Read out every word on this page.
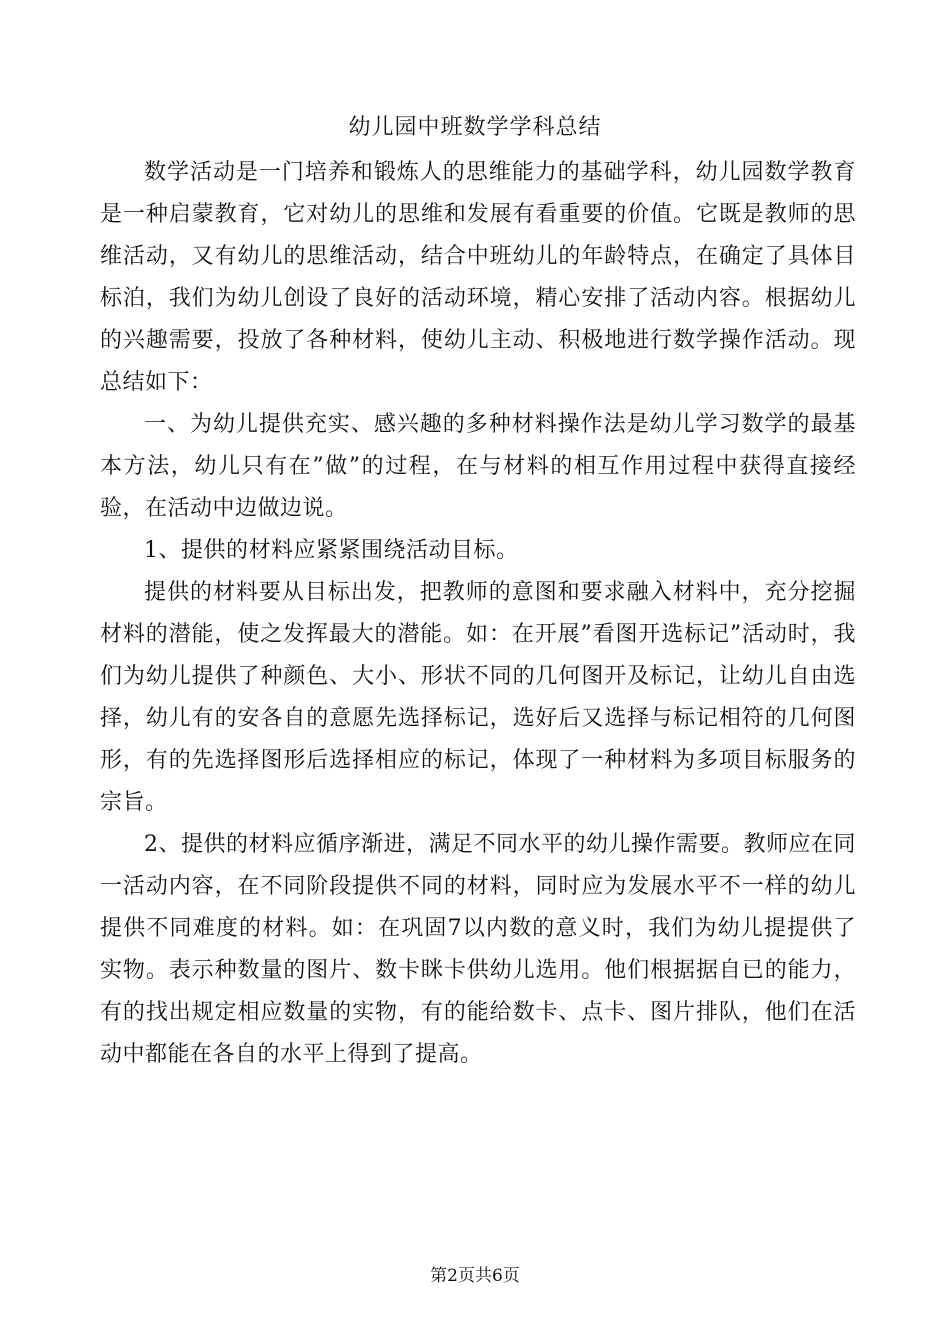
幼儿园中班数学学科总结

数学活动是一门培养和锻炼人的思维能力的基础学科，幼儿园数学教育是一种启蒙教育，它对幼儿的思维和发展有看重要的价值。它既是教师的思维活动，又有幼儿的思维活动，结合中班幼儿的年龄特点，在确定了具体目标泊，我们为幼儿创设了良好的活动环境，精心安排了活动内容。根据幼儿的兴趣需要，投放了各种材料，使幼儿主动、积极地进行数学操作活动。现总结如下：

一、为幼儿提供充实、感兴趣的多种材料操作法是幼儿学习数学的最基本方法，幼儿只有在”做”的过程，在与材料的相互作用过程中获得直接经验，在活动中边做边说。

1、提供的材料应紧紧围绕活动目标。

提供的材料要从目标出发，把教师的意图和要求融入材料中，充分挖掘材料的潜能，使之发挥最大的潜能。如：在开展”看图开选标记”活动时，我们为幼儿提供了种颜色、大小、形状不同的几何图开及标记，让幼儿自由选择，幼儿有的安各自的意愿先选择标记，选好后又选择与标记相符的几何图形，有的先选择图形后选择相应的标记，体现了一种材料为多项目标服务的宗旨。

2、提供的材料应循序渐进，满足不同水平的幼儿操作需要。教师应在同一活动内容，在不同阶段提供不同的材料，同时应为发展水平不一样的幼儿提供不同难度的材料。如：在巩固7以内数的意义时，我们为幼儿提提供了实物。表示种数量的图片、数卡眯卡供幼儿选用。他们根据据自已的能力，有的找出规定相应数量的实物，有的能给数卡、点卡、图片排队，他们在活动中都能在各自的水平上得到了提高。

第2页共6页
